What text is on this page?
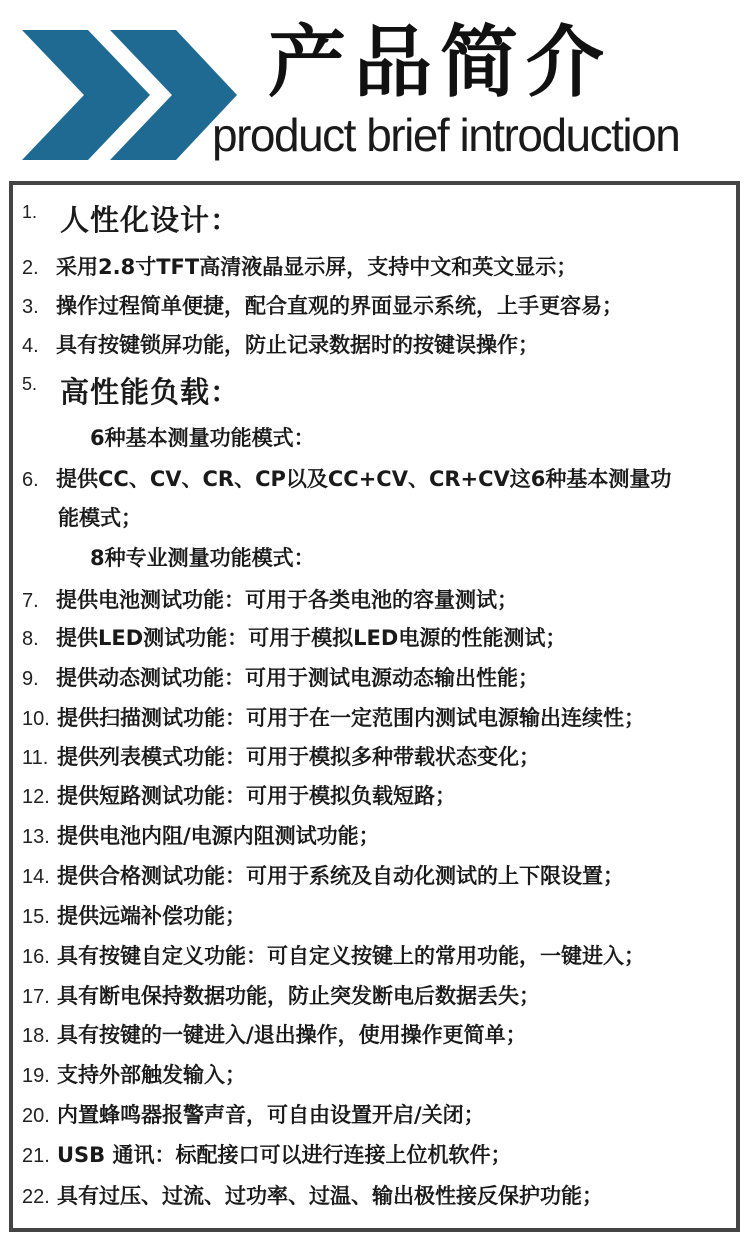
产品简介
product brief introduction
1. 人性化设计：
2. 采用2.8寸TFT高清液晶显示屏，支持中文和英文显示；
3. 操作过程简单便捷，配合直观的界面显示系统，上手更容易；
4. 具有按键锁屏功能，防止记录数据时的按键误操作；
5. 高性能负载：
6种基本测量功能模式：
6. 提供CC、CV、CR、CP以及CC+CV、CR+CV这6种基本测量功
能模式；
8种专业测量功能模式：
7. 提供电池测试功能：可用于各类电池的容量测试；
8. 提供LED测试功能：可用于模拟LED电源的性能测试；
9. 提供动态测试功能：可用于测试电源动态输出性能；
10. 提供扫描测试功能：可用于在一定范围内测试电源输出连续性；
11. 提供列表模式功能：可用于模拟多种带载状态变化；
12. 提供短路测试功能：可用于模拟负载短路；
13. 提供电池内阻/电源内阻测试功能；
14. 提供合格测试功能：可用于系统及自动化测试的上下限设置；
15. 提供远端补偿功能；
16. 具有按键自定义功能：可自定义按键上的常用功能，一键进入；
17. 具有断电保持数据功能，防止突发断电后数据丢失；
18. 具有按键的一键进入/退出操作，使用操作更简单；
19. 支持外部触发输入；
20. 内置蜂鸣器报警声音，可自由设置开启/关闭；
21. USB 通讯：标配接口可以进行连接上位机软件；
22. 具有过压、过流、过功率、过温、输出极性接反保护功能；
